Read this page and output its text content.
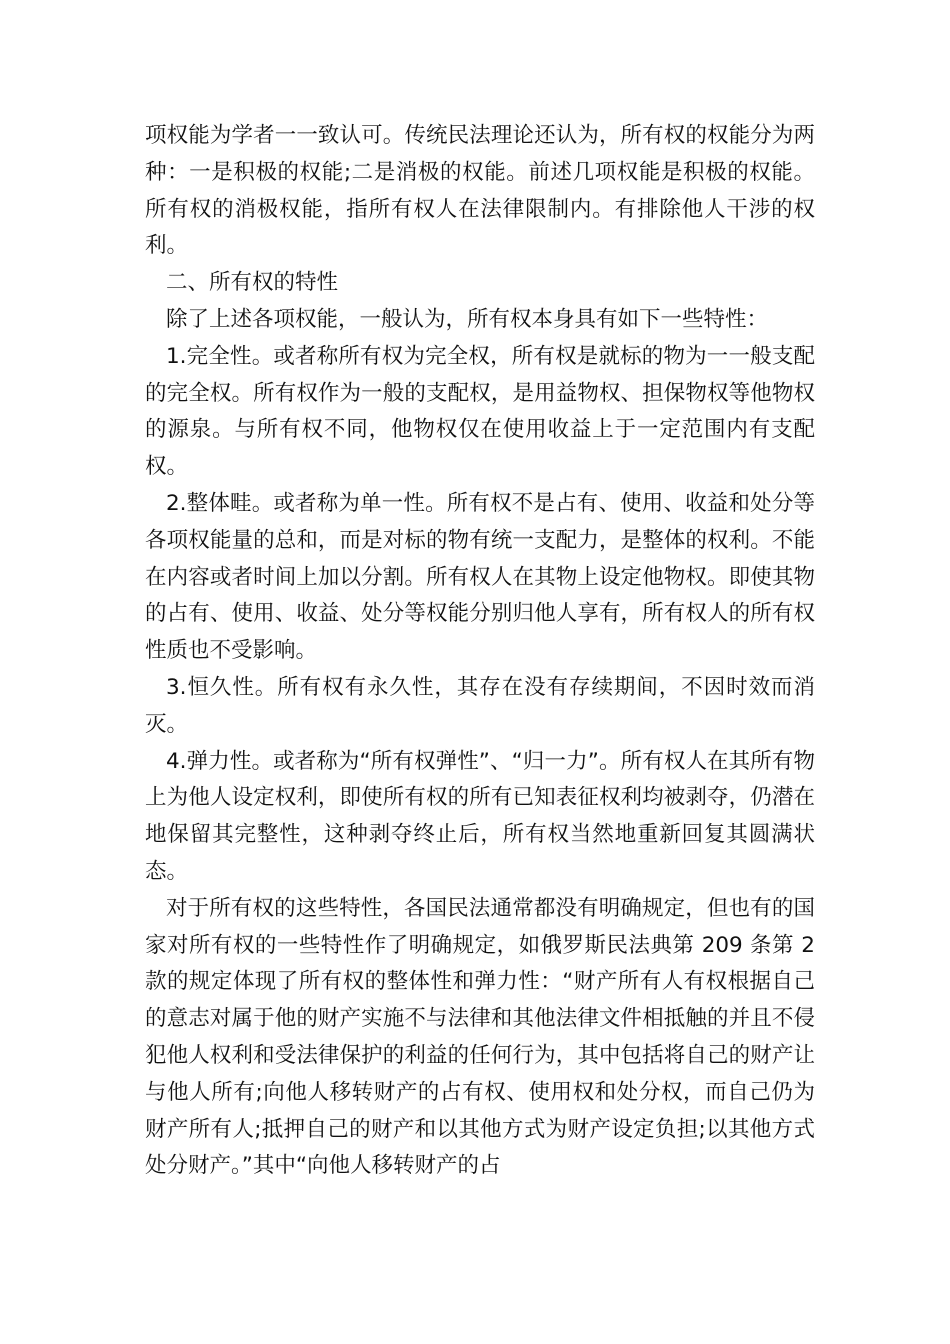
项权能为学者一一致认可。传统民法理论还认为，所有权的权能分为两种：一是积极的权能;二是消极的权能。前述几项权能是积极的权能。所有权的消极权能，指所有权人在法律限制内。有排除他人干涉的权利。

二、所有权的特性

除了上述各项权能，一般认为，所有权本身具有如下一些特性：

1.完全性。或者称所有权为完全权，所有权是就标的物为一一般支配的完全权。所有权作为一般的支配权，是用益物权、担保物权等他物权的源泉。与所有权不同，他物权仅在使用收益上于一定范围内有支配权。

2.整体畦。或者称为单一性。所有权不是占有、使用、收益和处分等各项权能量的总和，而是对标的物有统一支配力，是整体的权利。不能在内容或者时间上加以分割。所有权人在其物上设定他物权。即使其物的占有、使用、收益、处分等权能分别归他人享有，所有权人的所有权性质也不受影响。

3.恒久性。所有权有永久性，其存在没有存续期间，不因时效而消灭。

4.弹力性。或者称为“所有权弹性”、“归一力”。所有权人在其所有物上为他人设定权利，即使所有权的所有已知表征权利均被剥夺，仍潜在地保留其完整性，这种剥夺终止后，所有权当然地重新回复其圆满状态。

对于所有权的这些特性，各国民法通常都没有明确规定，但也有的国家对所有权的一些特性作了明确规定，如俄罗斯民法典第 209 条第 2 款的规定体现了所有权的整体性和弹力性：“财产所有人有权根据自己的意志对属于他的财产实施不与法律和其他法律文件相抵触的并且不侵犯他人权利和受法律保护的利益的任何行为，其中包括将自己的财产让与他人所有;向他人移转财产的占有权、使用权和处分权，而自己仍为财产所有人;抵押自己的财产和以其他方式为财产设定负担;以其他方式处分财产。”其中“向他人移转财产的占
